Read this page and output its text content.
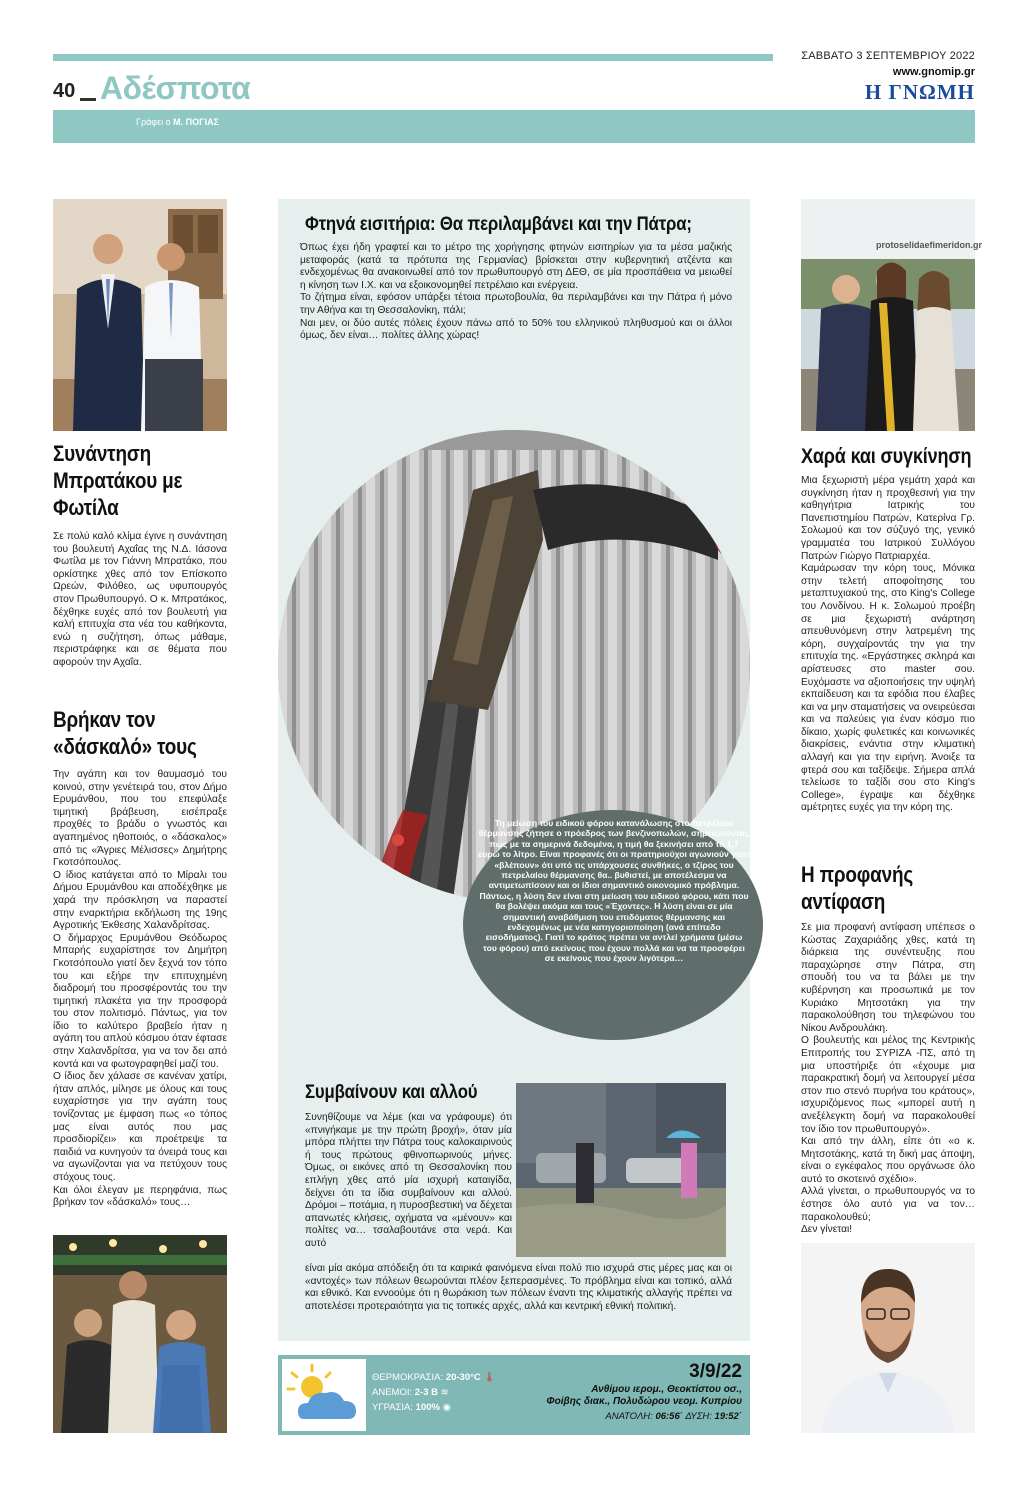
40 Αδέσποτα
ΣΑΒΒΑΤΟ 3 ΣΕΠΤΕΜΒΡΙΟΥ 2022
www.gnomip.gr
Η ΓΝΩΜΗ
Γράφει ο Μ. ΠΟΓΙΑΣ
Συνάντηση Μπρατάκου με Φωτίλα
Σε πολύ καλό κλίμα έγινε η συνάντηση του βουλευτή Αχαΐας της Ν.Δ. Ιάσονα Φωτίλα με τον Γιάννη Μπρατάκο, που ορκίστηκε χθες από τον Επίσκοπο Ωρεών, Φιλόθεο, ως υφυπουργός στον Πρωθυπουργό. Ο κ. Μπρατάκος, δέχθηκε ευχές από τον βουλευτή για καλή επιτυχία στα νέα του καθήκοντα, ενώ η συζήτηση, όπως μάθαμε, περιστράφηκε και σε θέματα που αφορούν την Αχαΐα.
Βρήκαν τον «δάσκαλό» τους

Την αγάπη και τον θαυμασμό του κοινού, στην γενέτειρά του, στον Δήμο Ερυμάνθου, που του επεφύλαξε τιμητική βράβευση, εισέπραξε προχθές το βράδυ ο γνωστός και αγαπημένος ηθοποιός, ο «δάσκαλος» από τις «Άγριες Μέλισσες» Δημήτρης Γκοτσόπουλος.

Ο ίδιος κατάγεται από το Μίραλι του Δήμου Ερυμάνθου και αποδέχθηκε με χαρά την πρόσκληση να παραστεί στην εναρκτήρια εκδήλωση της 19ης Αγροτικής Έκθεσης Χαλανδρίτσας.

Ο δήμαρχος Ερυμάνθου Θεόδωρος Μπαρής ευχαρίστησε τον Δημήτρη Γκοτσόπουλο γιατί δεν ξεχνά τον τόπο του και εξήρε την επιτυχημένη διαδρομή του προσφέροντάς του την τιμητική πλακέτα για την προσφορά του στον πολιτισμό. Πάντως, για τον ίδιο το καλύτερο βραβείο ήταν η αγάπη του απλού κόσμου όταν έφτασε στην Χαλανδρίτσα, για να τον δει από κοντά και να φωτογραφηθεί μαζί του.

Ο ίδιος δεν χάλασε σε κανέναν χατίρι, ήταν απλός, μίλησε με όλους και τους ευχαρίστησε για την αγάπη τους τονίζοντας με έμφαση πως «ο τόπος μας είναι αυτός που μας προσδιορίζει» και προέτρεψε τα παιδιά να κυνηγούν τα όνειρά τους και να αγωνίζονται για να πετύχουν τους στόχους τους.

Και όλοι έλεγαν με περηφάνια, πως βρήκαν τον «δάσκαλό» τους…

Φτηνά εισιτήρια: Θα περιλαμβάνει και την Πάτρα;

Όπως έχει ήδη γραφτεί και το μέτρο της χορήγησης φτηνών εισιτηρίων για τα μέσα μαζικής μεταφοράς (κατά τα πρότυπα της Γερμανίας) βρίσκεται στην κυβερνητική ατζέντα και ενδεχομένως θα ανακοινωθεί από τον πρωθυπουργό στη ΔΕΘ, σε μία προσπάθεια να μειωθεί η κίνηση των Ι.Χ. και να εξοικονομηθεί πετρέλαιο και ενέργεια.

Το ζήτημα είναι, εφόσον υπάρξει τέτοια πρωτοβουλία, θα περιλαμβάνει και την Πάτρα ή μόνο την Αθήνα και τη Θεσσαλονίκη, πάλι;

Ναι μεν, οι δύο αυτές πόλεις έχουν πάνω από το 50% του ελληνικού πληθυσμού και οι άλλοι όμως, δεν είναι… πολίτες άλλης χώρας!

Τη μείωση του ειδικού φόρου κατανάλωσης στο πετρέλαιο θέρμανσης ζήτησε ο πρόεδρος των βενζινοπωλών, σημειώνοντας πως με τα σημερινά δεδομένα, η τιμή θα ξεκινήσει από τα 1,7 ευρώ το λίτρο. Είναι προφανές ότι οι πρατηριούχοι αγωνιούν γιατί «βλέπουν» ότι υπό τις υπάρχουσες συνθήκες, ο τζίρος του πετρελαίου θέρμανσης θα.. βυθιστεί, με αποτέλεσμα να αντιμετωπίσουν και οι ίδιοι σημαντικό οικονομικό πρόβλημα. Πάντως, η λύση δεν είναι στη μείωση του ειδικού φόρου, κάτι που θα βολέψει ακόμα και τους «Έχοντες». Η λύση είναι σε μία σημαντική αναβάθμιση του επιδόματος θέρμανσης και ενδεχομένως με νέα κατηγοριοποίηση (ανά επίπεδο εισοδήματος). Γιατί το κράτος πρέπει να αντλεί χρήματα (μέσω του φόρου) από εκείνους που έχουν πολλά και να τα προσφέρει σε εκείνους που έχουν λιγότερα…
Συμβαίνουν και αλλού
Συνηθίζουμε να λέμε (και να γράφουμε) ότι «πνιγήκαμε με την πρώτη βροχή», όταν μία μπόρα πλήττει την Πάτρα τους καλοκαιρινούς ή τους πρώτους φθινοπωρινούς μήνες. Όμως, οι εικόνες από τη Θεσσαλονίκη που επλήγη χθες από μία ισχυρή καταιγίδα, δείχνει ότι τα ίδια συμβαίνουν και αλλού. Δρόμοι – ποτάμια, η πυροσβεστική να δέχεται απανωτές κλήσεις, οχήματα να «μένουν» και πολίτες να… τσαλαβουτάνε στα νερά. Και αυτό
είναι μία ακόμα απόδειξη ότι τα καιρικά φαινόμενα είναι πολύ πιο ισχυρά στις μέρες μας και οι «αντοχές» των πόλεων θεωρούνται πλέον ξεπερασμένες. Το πρόβλημα είναι και τοπικό, αλλά και εθνικό. Και εννοούμε ότι η θωράκιση των πόλεων έναντι της κλιματικής αλλαγής πρέπει να αποτελέσει προτεραιότητα για τις τοπικές αρχές, αλλά και κεντρική εθνική πολιτική.
ΘΕΡΜΟΚΡΑΣΙΑ: 20-30°C 🌡
ΑΝΕΜΟΙ: 2-3 B ≋
ΥΓΡΑΣΙΑ: 100% ◉
3/9/22
Ανθίμου ιερομ., Θεοκτίστου οσ.,
Φοίβης διακ., Πολυδώρου νεομ. Κυπρίου
ΑΝΑΤΟΛΗ: 06:56΄ ΔΥΣΗ: 19:52΄
protoselidaefimeridon.gr
Χαρά και συγκίνηση

Μια ξεχωριστή μέρα γεμάτη χαρά και συγκίνηση ήταν η προχθεσινή για την καθηγήτρια Ιατρικής του Πανεπιστημίου Πατρών, Κατερίνα Γρ. Σολωμού και τον σύζυγό της, γενικό γραμματέα του Ιατρικού Συλλόγου Πατρών Γιώργο Πατριαρχέα.

Καμάρωσαν την κόρη τους, Μόνικα στην τελετή αποφοίτησης του μεταπτυχιακού της, στο King's College του Λονδίνου. Η κ. Σολωμού προέβη σε μια ξεχωριστή ανάρτηση απευθυνόμενη στην λατρεμένη της κόρη, συγχαίροντάς την για την επιτυχία της. «Εργάστηκες σκληρά και αρίστευσες στο master σου. Ευχόμαστε να αξιοποιήσεις την υψηλή εκπαίδευση και τα εφόδια που έλαβες και να μην σταματήσεις να ονειρεύεσαι και να παλεύεις για έναν κόσμο πιο δίκαιο, χωρίς φυλετικές και κοινωνικές διακρίσεις, ενάντια στην κλιματική αλλαγή και για την ειρήνη. Άνοιξε τα φτερά σου και ταξίδεψε. Σήμερα απλά τελείωσε το ταξίδι σου στο King's College», έγραψε και δέχθηκε αμέτρητες ευχές για την κόρη της.

Η προφανής αντίφαση

Σε μια προφανή αντίφαση υπέπεσε ο Κώστας Ζαχαριάδης χθες, κατά τη διάρκεια της συνέντευξης που παραχώρησε στην Πάτρα, στη σπουδή του να τα βάλει με την κυβέρνηση και προσωπικά με τον Κυριάκο Μητσοτάκη για την παρακολούθηση του τηλεφώνου του Νίκου Ανδρουλάκη.

Ο βουλευτής και μέλος της Κεντρικής Επιτροπής του ΣΥΡΙΖΑ -ΠΣ, από τη μια υποστήριξε ότι «έχουμε μια παρακρατική δομή να λειτουργεί μέσα στον πιο στενό πυρήνα του κράτους», ισχυριζόμενος πως «μπορεί αυτή η ανεξέλεγκτη δομή να παρακολουθεί τον ίδιο τον πρωθυπουργό».

Και από την άλλη, είπε ότι «ο κ. Μητσοτάκης, κατά τη δική μας άποψη, είναι ο εγκέφαλος που οργάνωσε όλο αυτό το σκοτεινό σχέδιο».

Αλλά γίνεται, ο πρωθυπουργός να το έστησε όλο αυτό για να τον… παρακολουθεύ;

Δεν γίνεται!
